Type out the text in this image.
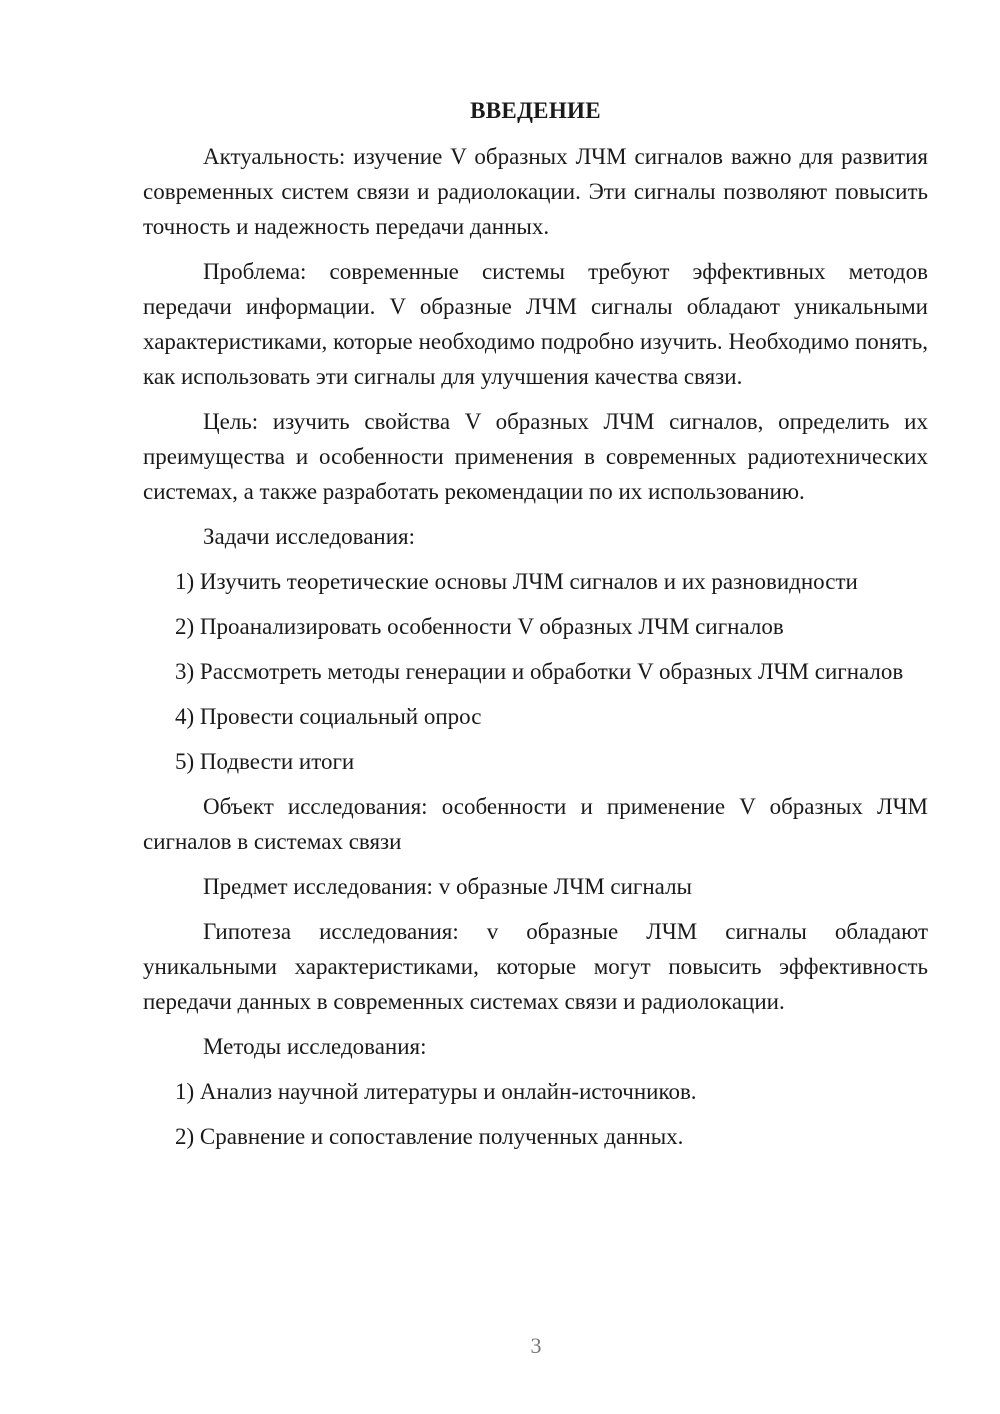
ВВЕДЕНИЕ

Актуальность: изучение V образных ЛЧМ сигналов важно для развития современных систем связи и радиолокации. Эти сигналы позволяют повысить точность и надежность передачи данных.

Проблема: современные системы требуют эффективных методов передачи информации. V образные ЛЧМ сигналы обладают уникальными характеристиками, которые необходимо подробно изучить. Необходимо понять, как использовать эти сигналы для улучшения качества связи.

Цель: изучить свойства V образных ЛЧМ сигналов, определить их преимущества и особенности применения в современных радиотехнических системах, а также разработать рекомендации по их использованию.

Задачи исследования:

1) Изучить теоретические основы ЛЧМ сигналов и их разновидности

2) Проанализировать особенности V образных ЛЧМ сигналов

3) Рассмотреть методы генерации и обработки V образных ЛЧМ сигналов

4) Провести социальный опрос

5) Подвести итоги

Объект исследования: особенности и применение V образных ЛЧМ сигналов в системах связи

Предмет исследования: v образные ЛЧМ сигналы

Гипотеза исследования: v образные ЛЧМ сигналы обладают уникальными характеристиками, которые могут повысить эффективность передачи данных в современных системах связи и радиолокации.

Методы исследования:

1) Анализ научной литературы и онлайн-источников.

2) Сравнение и сопоставление полученных данных.

3
